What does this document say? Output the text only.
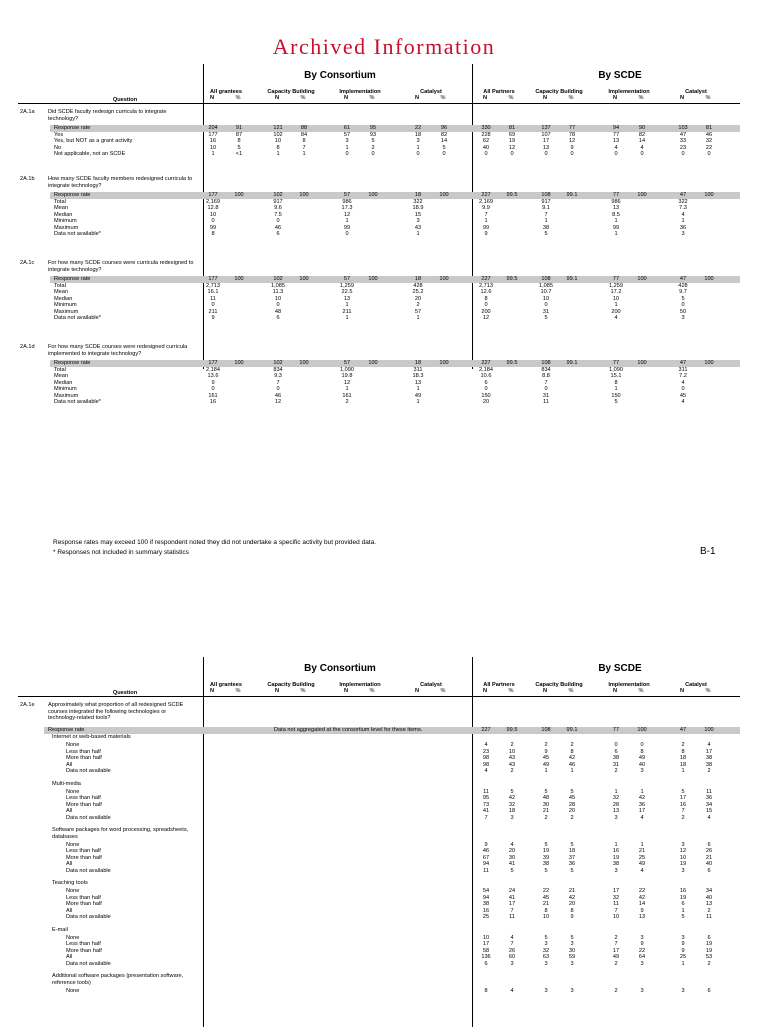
Archived Information
By Consortium	By SCDE
All grantees
N	%
Capacity Building
N	%
Implementation
N	%
Catalyst
N	%
All Partners
N	%
Capacity Building
N	%
Implementation
N	%
Catalyst
N	%
Question
2A.1a	Did SCDE faculty redesign curricula to integrate technology?
Response rate	204	91	121	88	61	95	22	96	330	81	137	77	94	90	103	81
Yes	177	87	102	84	57	93	18	82	228	69	107	78	77	82	47	46
Yes, but NOT as a grant activity	16	8	10	8	3	5	3	14	62	19	17	12	13	14	33	32
No	10	5	8	7	1	2	1	5	40	12	13	9	4	4	23	22
Not applicable, not an SCDE	1	<1	1	1	0	0	0	0	0	0	0	0	0	0	0	0
2A.1b	How many SCDE faculty members redesigned curricula to integrate technology?
Response rate	177	100	102	100	57	100	18	100	227	99.5	108	99.1	77	100	47	100
Total	2,169	917	986	322	2,169	917	986	322
Mean	12.8	9.6	17.3	18.9	9.9	9.1	13	7.3
Median	10	7.5	12	15	7	7	8.5	4
Minimum	0	0	1	3	1	1	1	1
Maximum	99	46	99	43	99	38	99	36
Data not available*	8	6	0	1	9	5	1	3
2A.1c	For how many SCDE courses were curricula redesigned to integrate technology?
Response rate	177	100	102	100	57	100	18	100	227	99.5	108	99.1	77	100	47	100
Total	2,713	1,085	1,259	428	2,713	1,085	1,259	428
Mean	16.1	11.3	22.5	25.2	12.6	10.7	17.2	9.7
Median	11	10	13	20	8	10	10	5
Minimum	0	0	1	2	0	0	1	0
Maximum	211	48	211	57	200	31	200	50
Data not available*	9	6	1	1	12	5	4	3
2A.1d	For how many SCDE courses were redesigned curricula implemented to integrate technology?
Response rate	177	100	102	100	57	100	18	100	227	99.5	108	99.1	77	100	47	100
Total	2,184	834	1,090	311	2,184	834	1,090	311
Mean	13.6	9.3	19.8	18.3	10.6	8.8	15.1	7.2
Median	9	7	12	13	6	7	8	4
Minimum	0	0	1	1	0	0	1	0
Maximum	161	46	161	49	150	31	150	45
Data not available*	16	12	2	1	20	11	5	4
By Consortium	By SCDE
All grantees
N	%
Capacity Building
N	%
Implementation
N	%
Catalyst
N	%
All Partners
N	%
Capacity Building
N	%
Implementation
N	%
Catalyst
N	%
Question
2A.1e	Approximately what proportion of all redesigned SCDE courses integrated the following technologies or technology-related tools?
Response rate	Data not aggregated at the consortium level for these items.	227	99.5	108	99.1	77	100	47	100
Internet or web-based materials
None	4	2	2	2	0	0	2	4
Less than half	23	10	9	8	6	8	8	17
More than half	98	43	45	42	38	49	18	38
All	98	43	49	46	31	40	18	38
Data not available	4	2	1	1	2	3	1	2
Multi-media
None	11	5	5	5	1	1	5	11
Less than half	95	42	48	45	32	42	17	36
More than half	73	32	30	28	28	36	16	34
All	41	18	21	20	13	17	7	15
Data not available	7	3	2	2	3	4	2	4
Software packages for word processing, spreadsheets, databases
None	9	4	5	5	1	1	3	6
Less than half	46	20	19	18	16	21	12	26
More than half	67	30	39	37	19	25	10	21
All	94	41	38	36	38	49	19	40
Data not available	11	5	5	5	3	4	3	6
Teaching tools
None	54	24	22	21	17	22	16	34
Less than half	94	41	45	42	32	42	19	40
More than half	38	17	21	20	11	14	6	13
All	16	7	8	8	7	9	1	2
Data not available	25	11	10	9	10	13	5	11
E-mail
None	10	4	5	5	2	3	3	6
Less than half	17	7	3	3	7	9	9	19
More than half	58	26	32	30	17	22	9	19
All	136	60	63	59	49	64	25	53
Data not available	6	3	3	3	2	3	1	2
Additional software packages (presentation software, reference tools)
None	8	4	3	3	2	3	3	6
Response rates may exceed 100 if respondent noted they did not undertake a specific activity but provided data.
* Responses not included in summary statistics	B-1
